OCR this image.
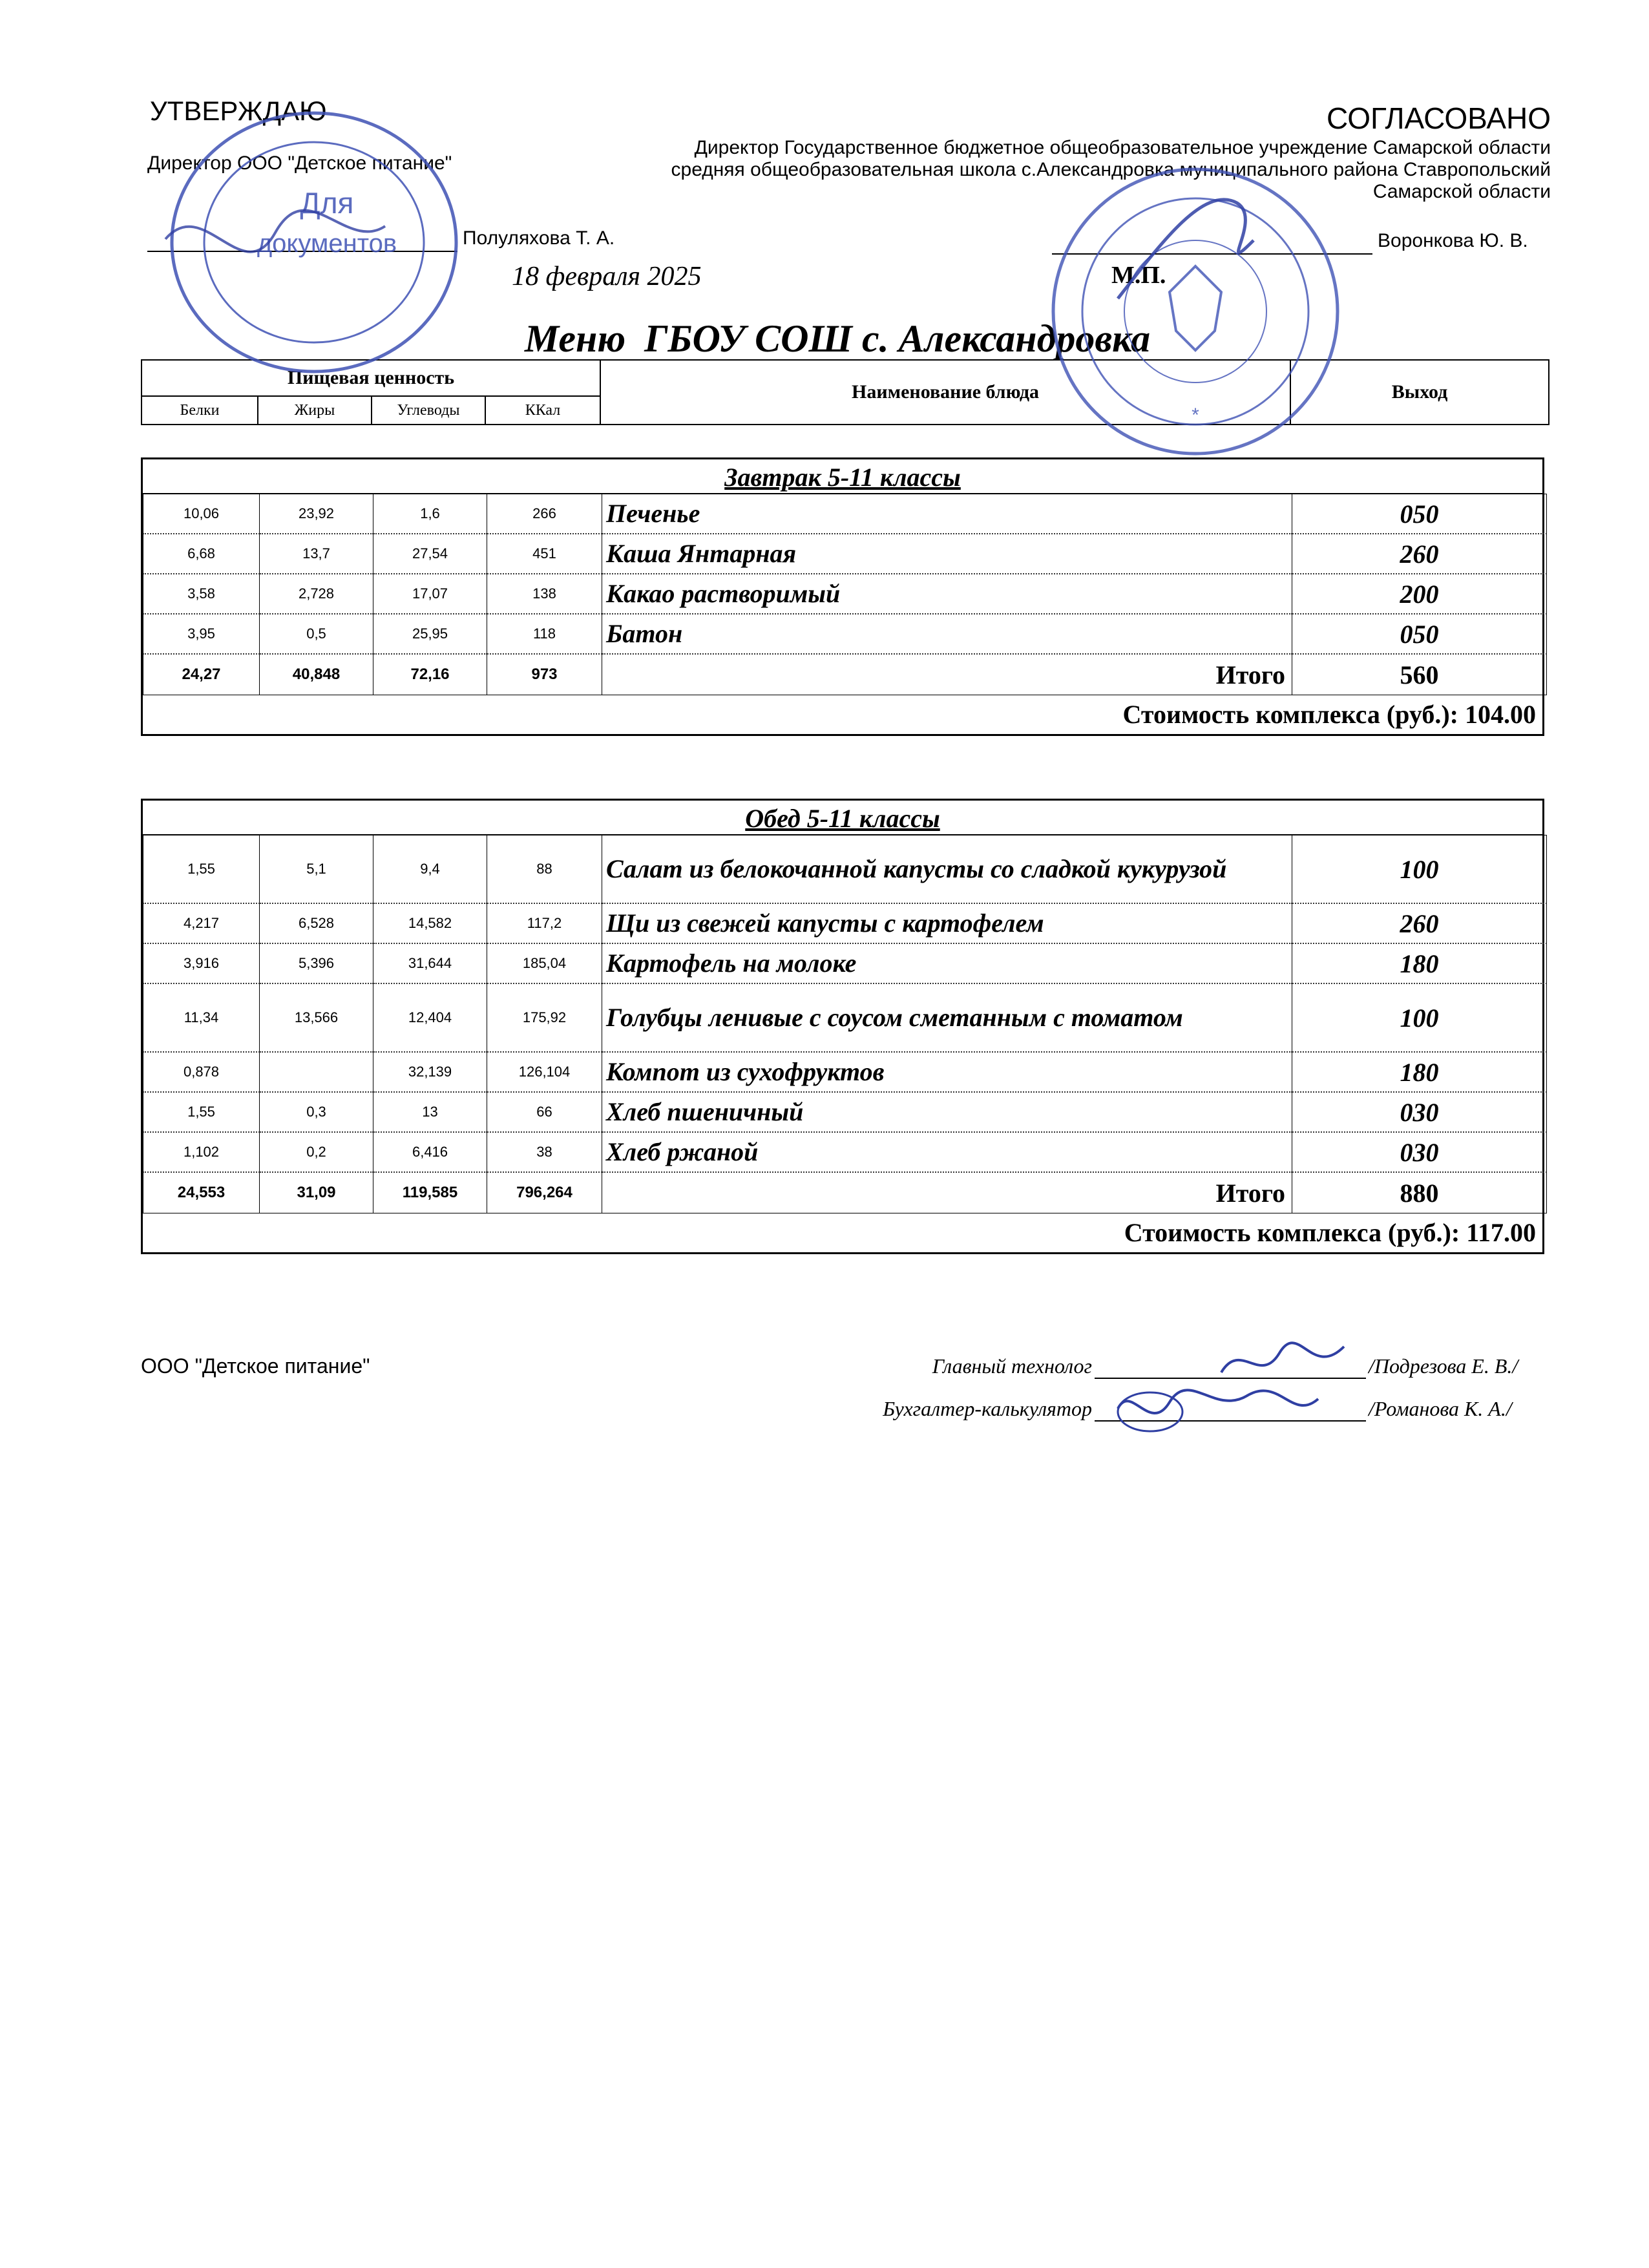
УТВЕРЖДАЮ
Директор ООО "Детское питание"
Полуляхова Т. А.
18 февраля 2025
СОГЛАСОВАНО
Директор Государственное бюджетное общеобразовательное учреждение Самарской области средняя общеобразовательная школа с.Александровка муниципального района Ставропольский Самарской области
Воронкова Ю. В.
М.П.
Меню ГБОУ СОШ с. Александровка
Пищевая ценность				Наименование блюда	Выход
Белки	Жиры	Углеводы	ККал		
Завтрак 5-11 классы
10,06	23,92	1,6	266	Печенье	050
6,68	13,7	27,54	451	Каша Янтарная	260
3,58	2,728	17,07	138	Какао растворимый	200
3,95	0,5	25,95	118	Батон	050
24,27	40,848	72,16	973	Итого	560
Стоимость комплекса (руб.): 104.00
Обед 5-11 классы
1,55	5,1	9,4	88	Салат из белокочанной капусты со сладкой кукурузой	100
4,217	6,528	14,582	117,2	Щи из свежей капусты с картофелем	260
3,916	5,396	31,644	185,04	Картофель на молоке	180
11,34	13,566	12,404	175,92	Голубцы ленивые с соусом сметанным с томатом	100
0,878		32,139	126,104	Компот из сухофруктов	180
1,55	0,3	13	66	Хлеб пшеничный	030
1,102	0,2	6,416	38	Хлеб ржаной	030
24,553	31,09	119,585	796,264	Итого	880
Стоимость комплекса (руб.): 117.00
ООО "Детское питание"	Главный технолог	/Подрезова Е. В./
Бухгалтер-калькулятор	/Романова К. А./
Для
документов
*
